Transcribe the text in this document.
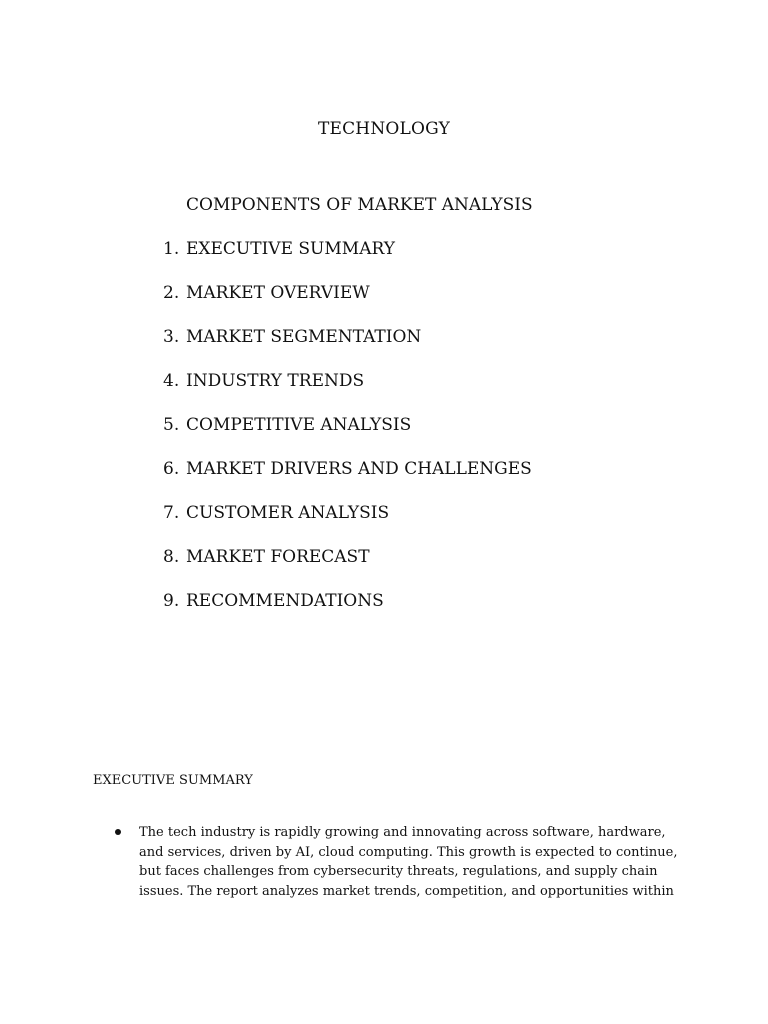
TECHNOLOGY
COMPONENTS OF MARKET ANALYSIS
1. EXECUTIVE SUMMARY
2. MARKET OVERVIEW
3. MARKET SEGMENTATION
4. INDUSTRY TRENDS
5. COMPETITIVE ANALYSIS
6. MARKET DRIVERS AND CHALLENGES
7. CUSTOMER ANALYSIS
8. MARKET FORECAST
9. RECOMMENDATIONS
EXECUTIVE SUMMARY
The tech industry is rapidly growing and innovating across software, hardware, and services, driven by AI, cloud computing. This growth is expected to continue, but faces challenges from cybersecurity threats, regulations, and supply chain issues. The report analyzes market trends, competition, and opportunities within
